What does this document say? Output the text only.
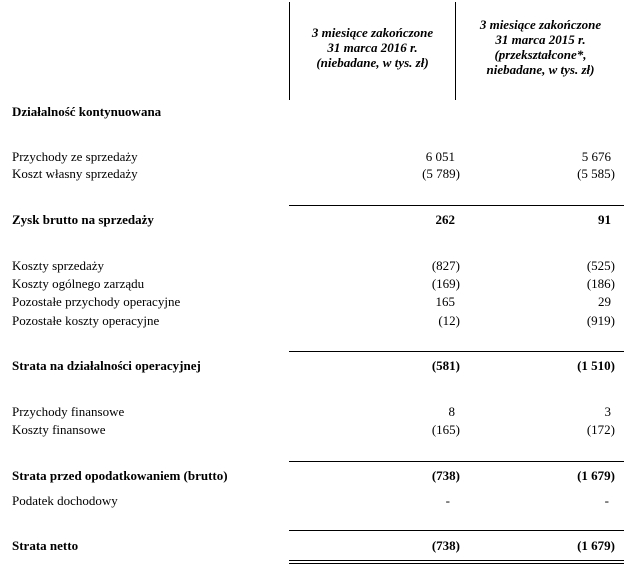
3 miesiące zakończone
31 marca 2016 r.
(niebadane, w tys. zł)
3 miesiące zakończone
31 marca 2015 r.
(przekształcone*,
niebadane, w tys. zł)
Działalność kontynuowana
Przychody ze sprzedaży	6 051	5 676
Koszt własny sprzedaży	(5 789)	(5 585)
Zysk brutto na sprzedaży	262	91
Koszty sprzedaży	(827)	(525)
Koszty ogólnego zarządu	(169)	(186)
Pozostałe przychody operacyjne	165	29
Pozostałe koszty operacyjne	(12)	(919)
Strata na działalności operacyjnej	(581)	(1 510)
Przychody finansowe	8	3
Koszty finansowe	(165)	(172)
Strata przed opodatkowaniem (brutto)	(738)	(1 679)
Podatek dochodowy	-	-
Strata netto	(738)	(1 679)
